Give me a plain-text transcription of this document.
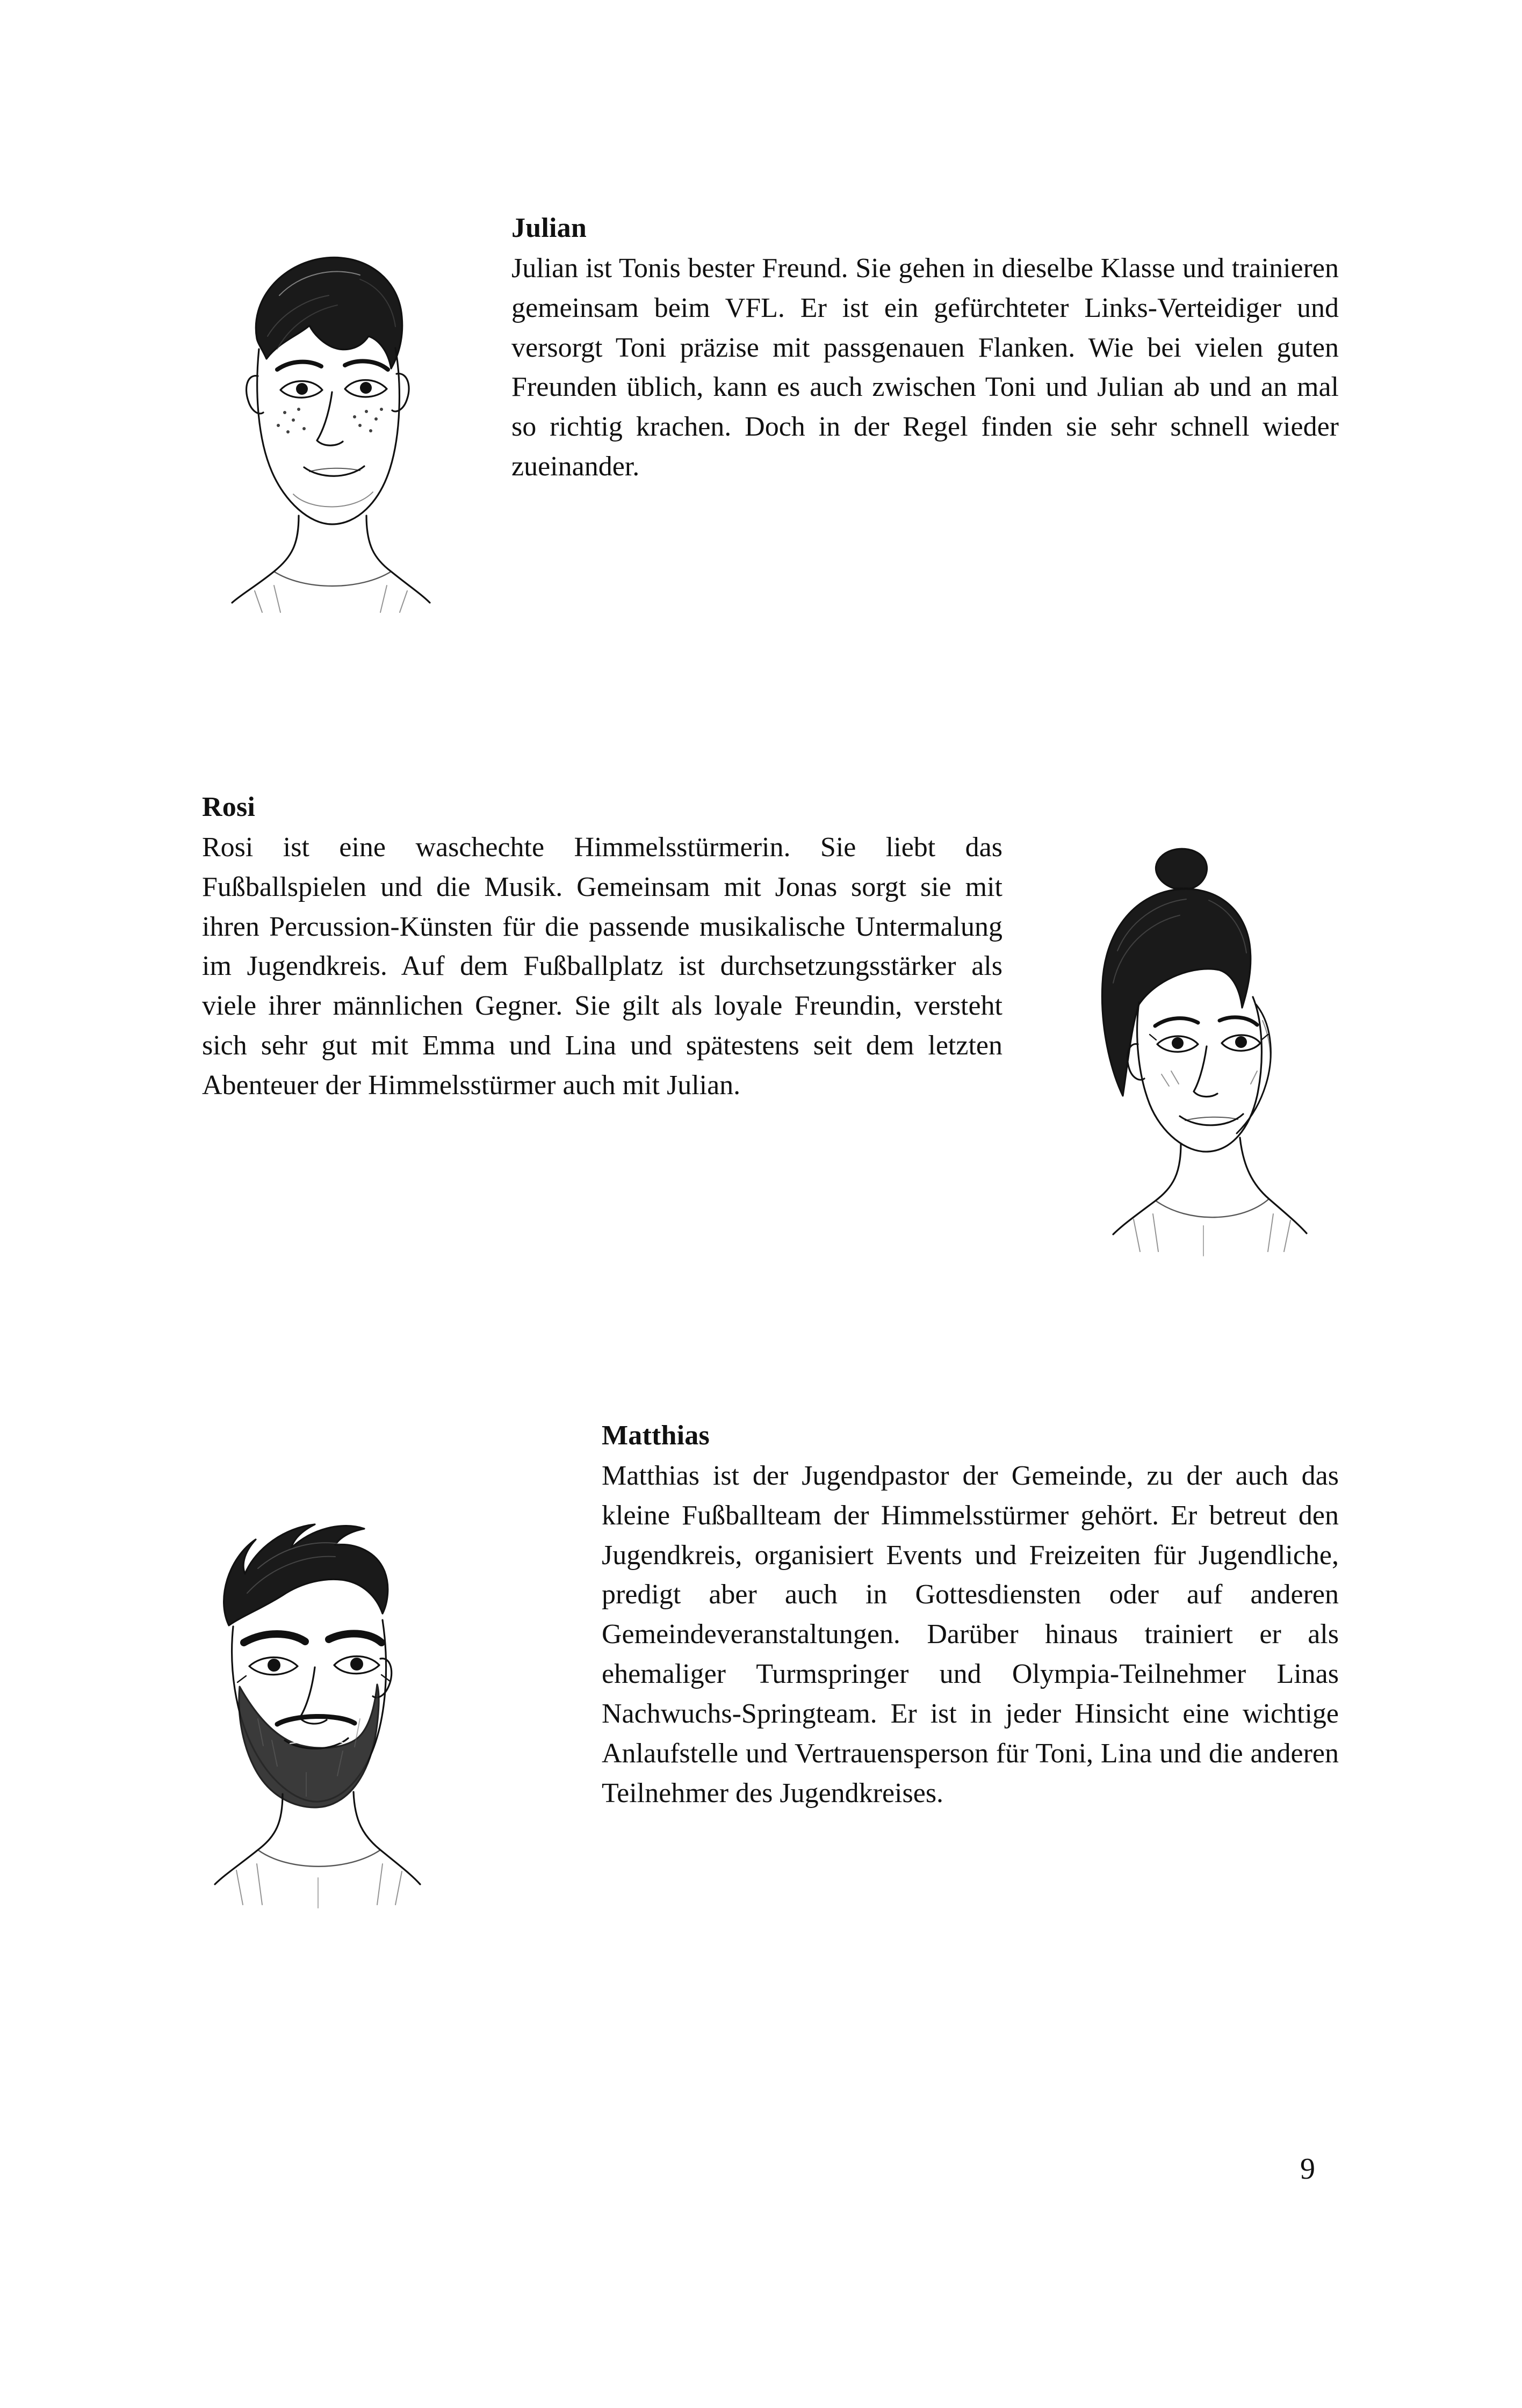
Julian
Julian ist Tonis bester Freund. Sie gehen in dieselbe Klasse und trainieren gemeinsam beim VFL. Er ist ein gefürchteter Links-Verteidiger und versorgt Toni präzise mit passgenauen Flanken. Wie bei vielen guten Freunden üblich, kann es auch zwischen Toni und Julian ab und an mal so richtig krachen. Doch in der Regel finden sie sehr schnell wieder zueinander.
Rosi
Rosi ist eine waschechte Himmelsstürmerin. Sie liebt das Fußballspielen und die Musik. Gemeinsam mit Jonas sorgt sie mit ihren Percussion-Künsten für die passende musikalische Untermalung im Jugendkreis. Auf dem Fußballplatz ist durchsetzungsstärker als viele ihrer männlichen Gegner. Sie gilt als loyale Freundin, versteht sich sehr gut mit Emma und Lina und spätestens seit dem letzten Abenteuer der Himmelsstürmer auch mit Julian.
Matthias
Matthias ist der Jugendpastor der Gemeinde, zu der auch das kleine Fußballteam der Himmelsstürmer gehört. Er betreut den Jugendkreis, organisiert Events und Freizeiten für Jugendliche, predigt aber auch in Gottesdiensten oder auf anderen Gemeindeveranstaltungen. Darüber hinaus trainiert er als ehemaliger Turmspringer und Olympia-Teilnehmer Linas Nachwuchs-Springteam. Er ist in jeder Hinsicht eine wichtige Anlaufstelle und Vertrauensperson für Toni, Lina und die anderen Teilnehmer des Jugendkreises.
9
